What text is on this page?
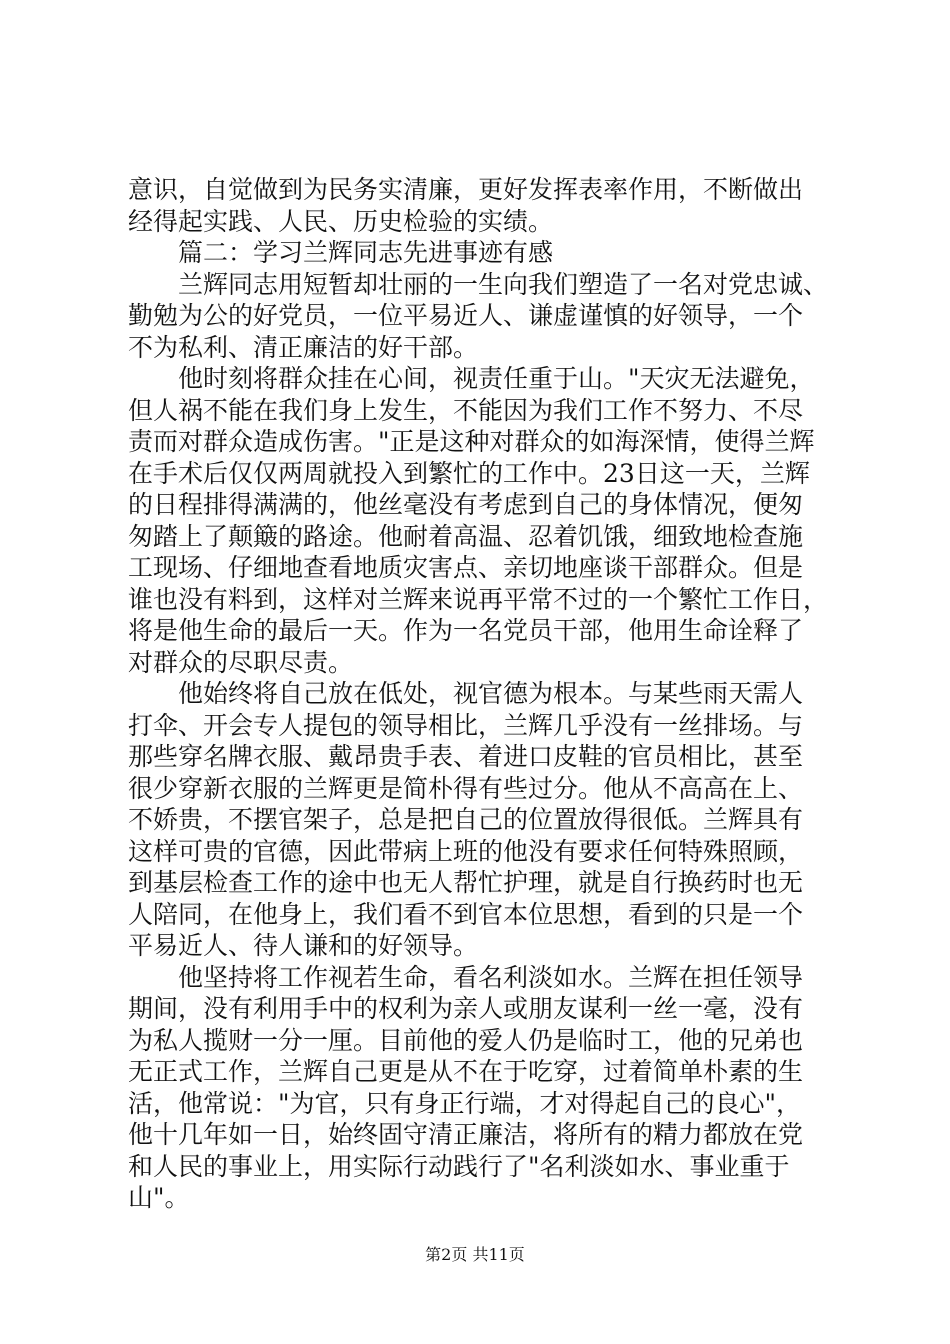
意识，自觉做到为民务实清廉，更好发挥表率作用，不断做出
经得起实践、人民、历史检验的实绩。
　　篇二：学习兰辉同志先进事迹有感
　　兰辉同志用短暂却壮丽的一生向我们塑造了一名对党忠诚、
勤勉为公的好党员，一位平易近人、谦虚谨慎的好领导，一个
不为私利、清正廉洁的好干部。
　　他时刻将群众挂在心间，视责任重于山。"天灾无法避免，
但人祸不能在我们身上发生，不能因为我们工作不努力、不尽
责而对群众造成伤害。"正是这种对群众的如海深情，使得兰辉
在手术后仅仅两周就投入到繁忙的工作中。23日这一天，兰辉
的日程排得满满的，他丝毫没有考虑到自己的身体情况，便匆
匆踏上了颠簸的路途。他耐着高温、忍着饥饿，细致地检查施
工现场、仔细地查看地质灾害点、亲切地座谈干部群众。但是
谁也没有料到，这样对兰辉来说再平常不过的一个繁忙工作日，
将是他生命的最后一天。作为一名党员干部，他用生命诠释了
对群众的尽职尽责。
　　他始终将自己放在低处，视官德为根本。与某些雨天需人
打伞、开会专人提包的领导相比，兰辉几乎没有一丝排场。与
那些穿名牌衣服、戴昂贵手表、着进口皮鞋的官员相比，甚至
很少穿新衣服的兰辉更是简朴得有些过分。他从不高高在上、
不娇贵，不摆官架子，总是把自己的位置放得很低。兰辉具有
这样可贵的官德，因此带病上班的他没有要求任何特殊照顾，
到基层检查工作的途中也无人帮忙护理，就是自行换药时也无
人陪同，在他身上，我们看不到官本位思想，看到的只是一个
平易近人、待人谦和的好领导。
　　他坚持将工作视若生命，看名利淡如水。兰辉在担任领导
期间，没有利用手中的权利为亲人或朋友谋利一丝一毫，没有
为私人揽财一分一厘。目前他的爱人仍是临时工，他的兄弟也
无正式工作，兰辉自己更是从不在于吃穿，过着简单朴素的生
活，他常说："为官，只有身正行端，才对得起自己的良心"，
他十几年如一日，始终固守清正廉洁，将所有的精力都放在党
和人民的事业上，用实际行动践行了"名利淡如水、事业重于
山"。
第2页 共11页
